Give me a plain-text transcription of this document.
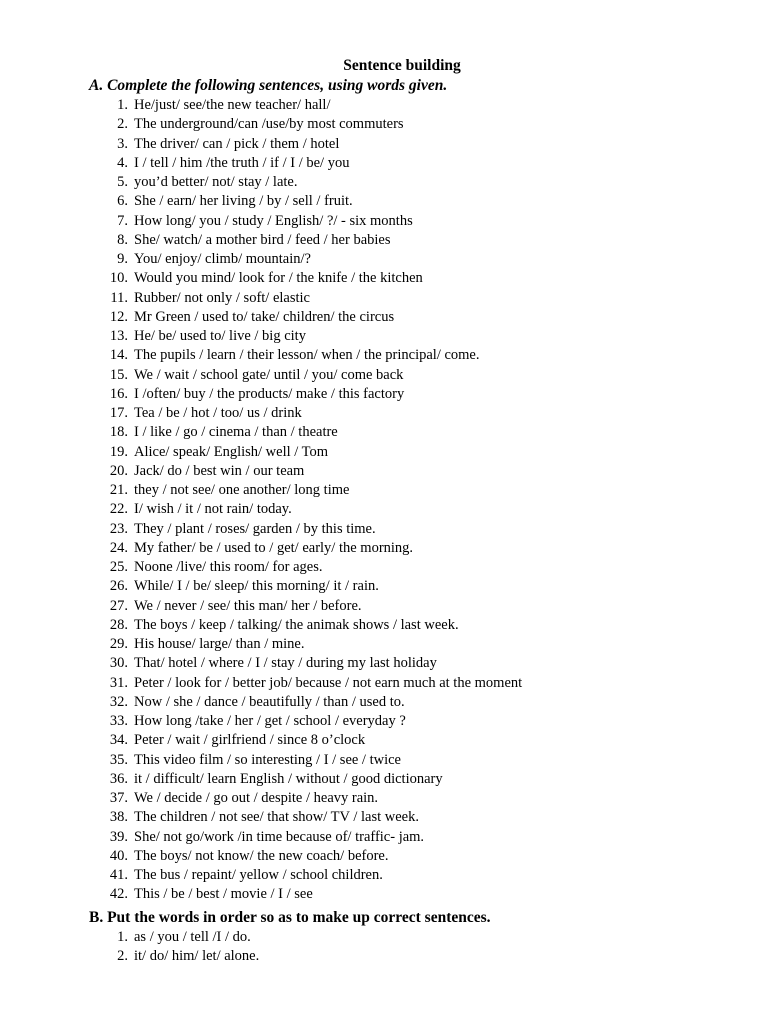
Sentence building
A. Complete the following sentences, using words given.
1. He/just/ see/the new teacher/ hall/
2. The underground/can /use/by most commuters
3. The driver/ can / pick / them / hotel
4. I / tell / him /the truth / if / I / be/ you
5. you’d better/ not/ stay / late.
6. She / earn/ her living / by / sell / fruit.
7. How long/ you / study / English/ ?/ - six months
8. She/ watch/ a mother bird / feed / her babies
9. You/ enjoy/ climb/ mountain/?
10. Would you mind/ look for / the knife / the kitchen
11. Rubber/ not only / soft/ elastic
12. Mr Green / used to/ take/ children/ the circus
13. He/ be/ used to/ live / big city
14. The pupils / learn / their lesson/ when / the principal/ come.
15. We / wait / school gate/ until / you/ come back
16. I /often/ buy / the products/ make / this factory
17. Tea / be / hot / too/ us / drink
18. I / like / go / cinema / than / theatre
19. Alice/ speak/ English/ well / Tom
20. Jack/ do / best win / our team
21. they / not see/ one another/ long time
22. I/ wish / it / not rain/ today.
23. They / plant / roses/ garden / by this time.
24. My father/ be / used to / get/ early/ the morning.
25. Noone /live/ this room/ for ages.
26. While/ I / be/ sleep/ this morning/ it / rain.
27. We / never / see/ this man/ her / before.
28. The boys / keep / talking/ the animak shows / last week.
29. His house/ large/ than / mine.
30. That/ hotel / where / I / stay / during my last holiday
31. Peter / look for / better job/ because / not earn much at the moment
32. Now / she / dance / beautifully / than / used to.
33. How long /take / her / get / school / everyday ?
34. Peter / wait / girlfriend / since 8 o’clock
35. This video film / so interesting / I / see / twice
36. it / difficult/ learn English / without / good dictionary
37. We / decide / go out / despite / heavy rain.
38. The children / not see/ that show/ TV / last week.
39. She/ not go/work /in time because of/ traffic- jam.
40. The boys/ not know/ the new coach/ before.
41. The bus / repaint/ yellow / school children.
42. This / be / best / movie / I / see
B. Put the words in order so as to make up correct sentences.
1. as / you / tell /I / do.
2. it/ do/ him/ let/ alone.
